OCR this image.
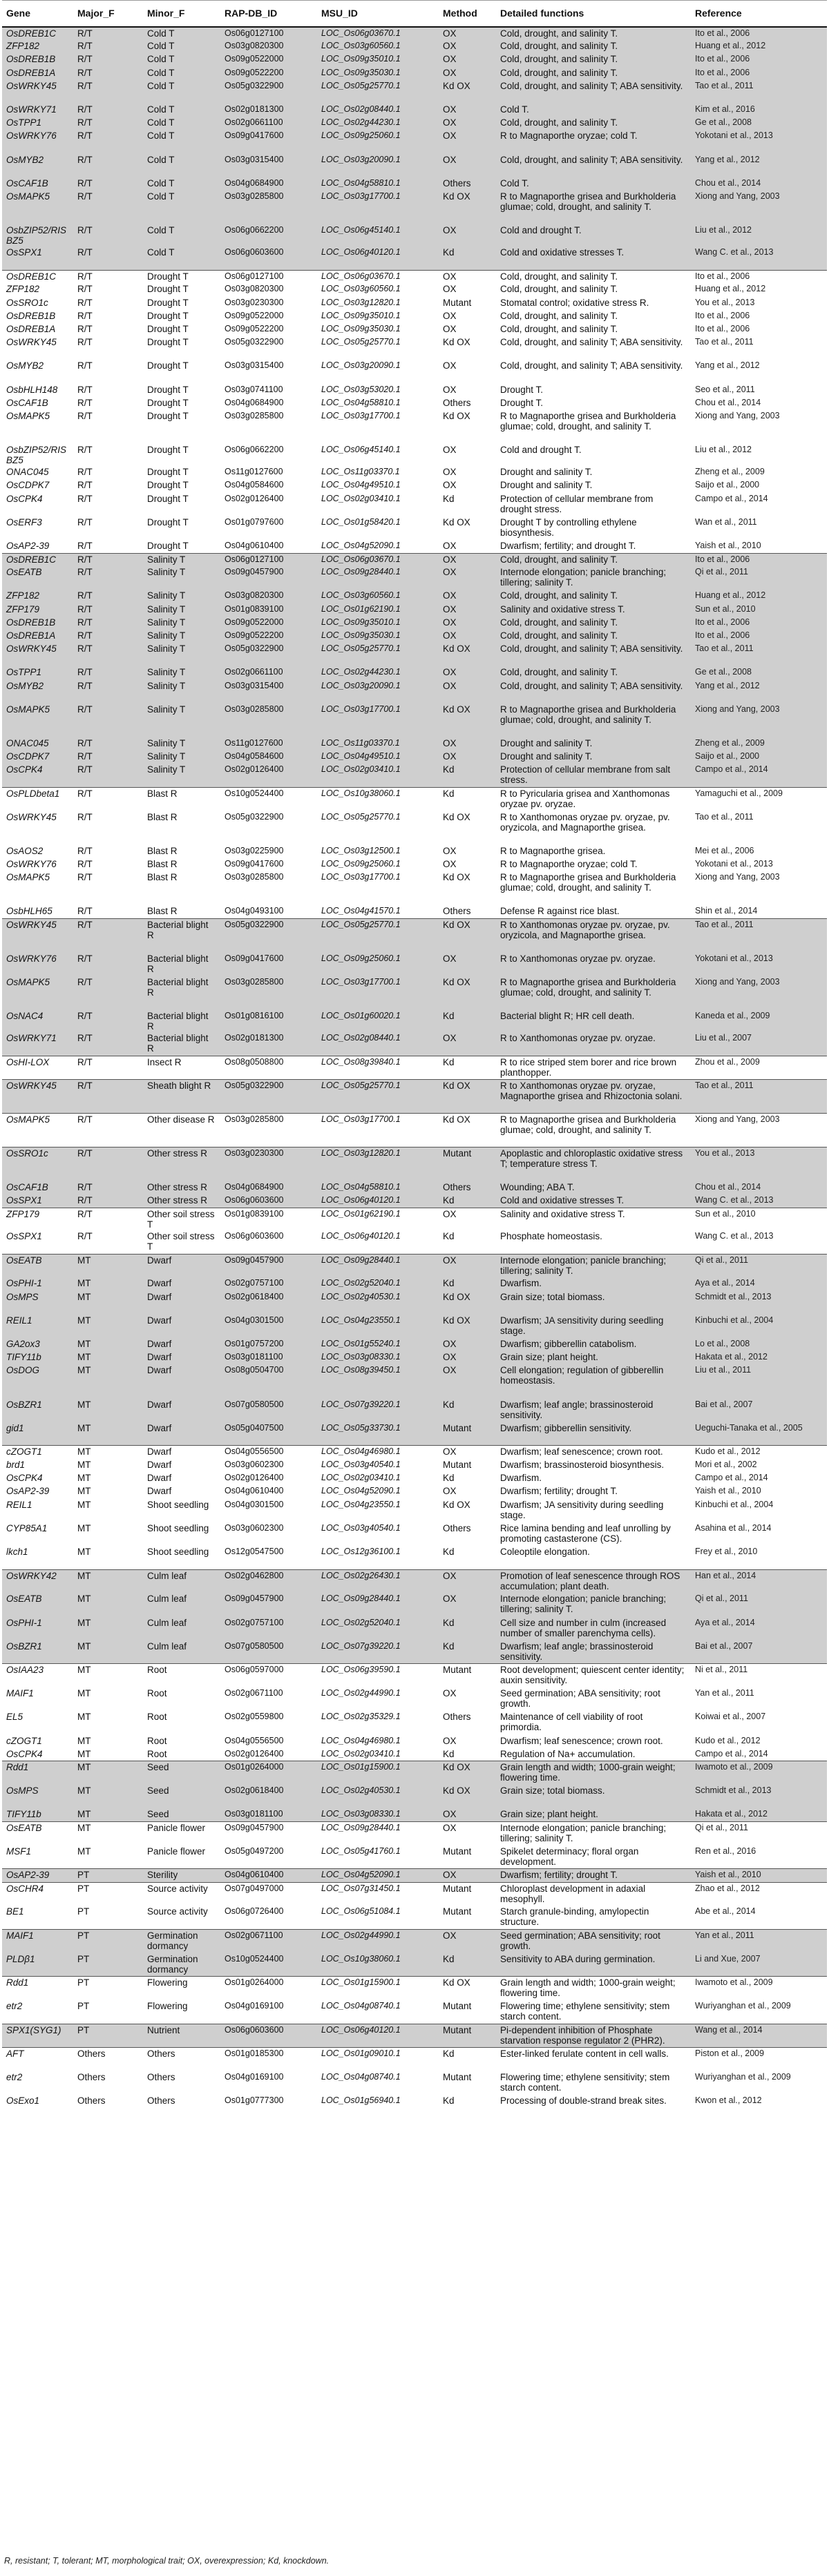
Gene	Major_F	Minor_F	RAP-DB_ID	MSU_ID	Method	Detailed functions	Reference
OsDREB1C	R/T	Cold T	Os06g0127100	LOC_Os06g03670.1	OX	Cold, drought, and salinity T.	Ito et al., 2006
ZFP182	R/T	Cold T	Os03g0820300	LOC_Os03g60560.1	OX	Cold, drought, and salinity T.	Huang et al., 2012
OsDREB1B	R/T	Cold T	Os09g0522000	LOC_Os09g35010.1	OX	Cold, drought, and salinity T.	Ito et al., 2006
OsDREB1A	R/T	Cold T	Os09g0522200	LOC_Os09g35030.1	OX	Cold, drought, and salinity T.	Ito et al., 2006
OsWRKY45	R/T	Cold T	Os05g0322900	LOC_Os05g25770.1	Kd OX	Cold, drought, and salinity T; ABA sensitivity.	Tao et al., 2011
OsWRKY71	R/T	Cold T	Os02g0181300	LOC_Os02g08440.1	OX	Cold T.	Kim et al., 2016
OsTPP1	R/T	Cold T	Os02g0661100	LOC_Os02g44230.1	OX	Cold, drought, and salinity T.	Ge et al., 2008
OsWRKY76	R/T	Cold T	Os09g0417600	LOC_Os09g25060.1	OX	R to Magnaporthe oryzae; cold T.	Yokotani et al., 2013
OsMYB2	R/T	Cold T	Os03g0315400	LOC_Os03g20090.1	OX	Cold, drought, and salinity T; ABA sensitivity.	Yang et al., 2012
OsCAF1B	R/T	Cold T	Os04g0684900	LOC_Os04g58810.1	Others	Cold T.	Chou et al., 2014
OsMAPK5	R/T	Cold T	Os03g0285800	LOC_Os03g17700.1	Kd OX	R to Magnaporthe grisea and Burkholderia glumae; cold, drought, and salinity T.	Xiong and Yang, 2003
OsbZIP52/RISBZ5	R/T	Cold T	Os06g0662200	LOC_Os06g45140.1	OX	Cold and drought T.	Liu et al., 2012
OsSPX1	R/T	Cold T	Os06g0603600	LOC_Os06g40120.1	Kd	Cold and oxidative stresses T.	Wang C. et al., 2013
OsDREB1C	R/T	Drought T	Os06g0127100	LOC_Os06g03670.1	OX	Cold, drought, and salinity T.	Ito et al., 2006
ZFP182	R/T	Drought T	Os03g0820300	LOC_Os03g60560.1	OX	Cold, drought, and salinity T.	Huang et al., 2012
OsSRO1c	R/T	Drought T	Os03g0230300	LOC_Os03g12820.1	Mutant	Stomatal control; oxidative stress R.	You et al., 2013
OsDREB1B	R/T	Drought T	Os09g0522000	LOC_Os09g35010.1	OX	Cold, drought, and salinity T.	Ito et al., 2006
OsDREB1A	R/T	Drought T	Os09g0522200	LOC_Os09g35030.1	OX	Cold, drought, and salinity T.	Ito et al., 2006
OsWRKY45	R/T	Drought T	Os05g0322900	LOC_Os05g25770.1	Kd OX	Cold, drought, and salinity T; ABA sensitivity.	Tao et al., 2011
OsMYB2	R/T	Drought T	Os03g0315400	LOC_Os03g20090.1	OX	Cold, drought, and salinity T; ABA sensitivity.	Yang et al., 2012
OsbHLH148	R/T	Drought T	Os03g0741100	LOC_Os03g53020.1	OX	Drought T.	Seo et al., 2011
OsCAF1B	R/T	Drought T	Os04g0684900	LOC_Os04g58810.1	Others	Drought T.	Chou et al., 2014
OsMAPK5	R/T	Drought T	Os03g0285800	LOC_Os03g17700.1	Kd OX	R to Magnaporthe grisea and Burkholderia glumae; cold, drought, and salinity T.	Xiong and Yang, 2003
OsbZIP52/RISBZ5	R/T	Drought T	Os06g0662200	LOC_Os06g45140.1	OX	Cold and drought T.	Liu et al., 2012
ONAC045	R/T	Drought T	Os11g0127600	LOC_Os11g03370.1	OX	Drought and salinity T.	Zheng et al., 2009
OsCDPK7	R/T	Drought T	Os04g0584600	LOC_Os04g49510.1	OX	Drought and salinity T.	Saijo et al., 2000
OsCPK4	R/T	Drought T	Os02g0126400	LOC_Os02g03410.1	Kd	Protection of cellular membrane from drought stress.	Campo et al., 2014
OsERF3	R/T	Drought T	Os01g0797600	LOC_Os01g58420.1	Kd OX	Drought T by controlling ethylene biosynthesis.	Wan et al., 2011
OsAP2-39	R/T	Drought T	Os04g0610400	LOC_Os04g52090.1	OX	Dwarfism; fertility; and drought T.	Yaish et al., 2010
OsDREB1C	R/T	Salinity T	Os06g0127100	LOC_Os06g03670.1	OX	Cold, drought, and salinity T.	Ito et al., 2006
OsEATB	R/T	Salinity T	Os09g0457900	LOC_Os09g28440.1	OX	Internode elongation; panicle branching; tillering; salinity T.	Qi et al., 2011
ZFP182	R/T	Salinity T	Os03g0820300	LOC_Os03g60560.1	OX	Cold, drought, and salinity T.	Huang et al., 2012
ZFP179	R/T	Salinity T	Os01g0839100	LOC_Os01g62190.1	OX	Salinity and oxidative stress T.	Sun et al., 2010
OsDREB1B	R/T	Salinity T	Os09g0522000	LOC_Os09g35010.1	OX	Cold, drought, and salinity T.	Ito et al., 2006
OsDREB1A	R/T	Salinity T	Os09g0522200	LOC_Os09g35030.1	OX	Cold, drought, and salinity T.	Ito et al., 2006
OsWRKY45	R/T	Salinity T	Os05g0322900	LOC_Os05g25770.1	Kd OX	Cold, drought, and salinity T; ABA sensitivity.	Tao et al., 2011
OsTPP1	R/T	Salinity T	Os02g0661100	LOC_Os02g44230.1	OX	Cold, drought, and salinity T.	Ge et al., 2008
OsMYB2	R/T	Salinity T	Os03g0315400	LOC_Os03g20090.1	OX	Cold, drought, and salinity T; ABA sensitivity.	Yang et al., 2012
OsMAPK5	R/T	Salinity T	Os03g0285800	LOC_Os03g17700.1	Kd OX	R to Magnaporthe grisea and Burkholderia glumae; cold, drought, and salinity T.	Xiong and Yang, 2003
ONAC045	R/T	Salinity T	Os11g0127600	LOC_Os11g03370.1	OX	Drought and salinity T.	Zheng et al., 2009
OsCDPK7	R/T	Salinity T	Os04g0584600	LOC_Os04g49510.1	OX	Drought and salinity T.	Saijo et al., 2000
OsCPK4	R/T	Salinity T	Os02g0126400	LOC_Os02g03410.1	Kd	Protection of cellular membrane from salt stress.	Campo et al., 2014
OsPLDbeta1	R/T	Blast R	Os10g0524400	LOC_Os10g38060.1	Kd	R to Pyricularia grisea and Xanthomonas oryzae pv. oryzae.	Yamaguchi et al., 2009
OsWRKY45	R/T	Blast R	Os05g0322900	LOC_Os05g25770.1	Kd OX	R to Xanthomonas oryzae pv. oryzae, pv. oryzicola, and Magnaporthe grisea.	Tao et al., 2011
OsAOS2	R/T	Blast R	Os03g0225900	LOC_Os03g12500.1	OX	R to Magnaporthe grisea.	Mei et al., 2006
OsWRKY76	R/T	Blast R	Os09g0417600	LOC_Os09g25060.1	OX	R to Magnaporthe oryzae; cold T.	Yokotani et al., 2013
OsMAPK5	R/T	Blast R	Os03g0285800	LOC_Os03g17700.1	Kd OX	R to Magnaporthe grisea and Burkholderia glumae; cold, drought, and salinity T.	Xiong and Yang, 2003
OsbHLH65	R/T	Blast R	Os04g0493100	LOC_Os04g41570.1	Others	Defense R against rice blast.	Shin et al., 2014
OsWRKY45	R/T	Bacterial blight R	Os05g0322900	LOC_Os05g25770.1	Kd OX	R to Xanthomonas oryzae pv. oryzae, pv. oryzicola, and Magnaporthe grisea.	Tao et al., 2011
OsWRKY76	R/T	Bacterial blight R	Os09g0417600	LOC_Os09g25060.1	OX	R to Xanthomonas oryzae pv. oryzae.	Yokotani et al., 2013
OsMAPK5	R/T	Bacterial blight R	Os03g0285800	LOC_Os03g17700.1	Kd OX	R to Magnaporthe grisea and Burkholderia glumae; cold, drought, and salinity T.	Xiong and Yang, 2003
OsNAC4	R/T	Bacterial blight R	Os01g0816100	LOC_Os01g60020.1	Kd	Bacterial blight R; HR cell death.	Kaneda et al., 2009
OsWRKY71	R/T	Bacterial blight R	Os02g0181300	LOC_Os02g08440.1	OX	R to Xanthomonas oryzae pv. oryzae.	Liu et al., 2007
OsHI-LOX	R/T	Insect R	Os08g0508800	LOC_Os08g39840.1	Kd	R to rice striped stem borer and rice brown planthopper.	Zhou et al., 2009
OsWRKY45	R/T	Sheath blight R	Os05g0322900	LOC_Os05g25770.1	Kd OX	R to Xanthomonas oryzae pv. oryzae, Magnaporthe grisea and Rhizoctonia solani.	Tao et al., 2011
OsMAPK5	R/T	Other disease R	Os03g0285800	LOC_Os03g17700.1	Kd OX	R to Magnaporthe grisea and Burkholderia glumae; cold, drought, and salinity T.	Xiong and Yang, 2003
OsSRO1c	R/T	Other stress R	Os03g0230300	LOC_Os03g12820.1	Mutant	Apoplastic and chloroplastic oxidative stress T; temperature stress T.	You et al., 2013
OsCAF1B	R/T	Other stress R	Os04g0684900	LOC_Os04g58810.1	Others	Wounding; ABA T.	Chou et al., 2014
OsSPX1	R/T	Other stress R	Os06g0603600	LOC_Os06g40120.1	Kd	Cold and oxidative stresses T.	Wang C. et al., 2013
ZFP179	R/T	Other soil stress T	Os01g0839100	LOC_Os01g62190.1	OX	Salinity and oxidative stress T.	Sun et al., 2010
OsSPX1	R/T	Other soil stress T	Os06g0603600	LOC_Os06g40120.1	Kd	Phosphate homeostasis.	Wang C. et al., 2013
OsEATB	MT	Dwarf	Os09g0457900	LOC_Os09g28440.1	OX	Internode elongation; panicle branching; tillering; salinity T.	Qi et al., 2011
OsPHI-1	MT	Dwarf	Os02g0757100	LOC_Os02g52040.1	Kd	Dwarfism.	Aya et al., 2014
OsMPS	MT	Dwarf	Os02g0618400	LOC_Os02g40530.1	Kd OX	Grain size; total biomass.	Schmidt et al., 2013
REIL1	MT	Dwarf	Os04g0301500	LOC_Os04g23550.1	Kd OX	Dwarfism; JA sensitivity during seedling stage.	Kinbuchi et al., 2004
GA2ox3	MT	Dwarf	Os01g0757200	LOC_Os01g55240.1	OX	Dwarfism; gibberellin catabolism.	Lo et al., 2008
TIFY11b	MT	Dwarf	Os03g0181100	LOC_Os03g08330.1	OX	Grain size; plant height.	Hakata et al., 2012
OsDOG	MT	Dwarf	Os08g0504700	LOC_Os08g39450.1	OX	Cell elongation; regulation of gibberellin homeostasis.	Liu et al., 2011
OsBZR1	MT	Dwarf	Os07g0580500	LOC_Os07g39220.1	Kd	Dwarfism; leaf angle; brassinosteroid sensitivity.	Bai et al., 2007
gid1	MT	Dwarf	Os05g0407500	LOC_Os05g33730.1	Mutant	Dwarfism; gibberellin sensitivity.	Ueguchi-Tanaka et al., 2005
cZOGT1	MT	Dwarf	Os04g0556500	LOC_Os04g46980.1	OX	Dwarfism; leaf senescence; crown root.	Kudo et al., 2012
brd1	MT	Dwarf	Os03g0602300	LOC_Os03g40540.1	Mutant	Dwarfism; brassinosteroid biosynthesis.	Mori et al., 2002
OsCPK4	MT	Dwarf	Os02g0126400	LOC_Os02g03410.1	Kd	Dwarfism.	Campo et al., 2014
OsAP2-39	MT	Dwarf	Os04g0610400	LOC_Os04g52090.1	OX	Dwarfism; fertility; drought T.	Yaish et al., 2010
REIL1	MT	Shoot seedling	Os04g0301500	LOC_Os04g23550.1	Kd OX	Dwarfism; JA sensitivity during seedling stage.	Kinbuchi et al., 2004
CYP85A1	MT	Shoot seedling	Os03g0602300	LOC_Os03g40540.1	Others	Rice lamina bending and leaf unrolling by promoting castasterone (CS).	Asahina et al., 2014
lkch1	MT	Shoot seedling	Os12g0547500	LOC_Os12g36100.1	Kd	Coleoptile elongation.	Frey et al., 2010
OsWRKY42	MT	Culm leaf	Os02g0462800	LOC_Os02g26430.1	OX	Promotion of leaf senescence through ROS accumulation; plant death.	Han et al., 2014
OsEATB	MT	Culm leaf	Os09g0457900	LOC_Os09g28440.1	OX	Internode elongation; panicle branching; tillering; salinity T.	Qi et al., 2011
OsPHI-1	MT	Culm leaf	Os02g0757100	LOC_Os02g52040.1	Kd	Cell size and number in culm (increased number of smaller parenchyma cells).	Aya et al., 2014
OsBZR1	MT	Culm leaf	Os07g0580500	LOC_Os07g39220.1	Kd	Dwarfism; leaf angle; brassinosteroid sensitivity.	Bai et al., 2007
OsIAA23	MT	Root	Os06g0597000	LOC_Os06g39590.1	Mutant	Root development; quiescent center identity; auxin sensitivity.	Ni et al., 2011
MAIF1	MT	Root	Os02g0671100	LOC_Os02g44990.1	OX	Seed germination; ABA sensitivity; root growth.	Yan et al., 2011
EL5	MT	Root	Os02g0559800	LOC_Os02g35329.1	Others	Maintenance of cell viability of root primordia.	Koiwai et al., 2007
cZOGT1	MT	Root	Os04g0556500	LOC_Os04g46980.1	OX	Dwarfism; leaf senescence; crown root.	Kudo et al., 2012
OsCPK4	MT	Root	Os02g0126400	LOC_Os02g03410.1	Kd	Regulation of Na+ accumulation.	Campo et al., 2014
Rdd1	MT	Seed	Os01g0264000	LOC_Os01g15900.1	Kd OX	Grain length and width; 1000-grain weight; flowering time.	Iwamoto et al., 2009
OsMPS	MT	Seed	Os02g0618400	LOC_Os02g40530.1	Kd OX	Grain size; total biomass.	Schmidt et al., 2013
TIFY11b	MT	Seed	Os03g0181100	LOC_Os03g08330.1	OX	Grain size; plant height.	Hakata et al., 2012
OsEATB	MT	Panicle flower	Os09g0457900	LOC_Os09g28440.1	OX	Internode elongation; panicle branching; tillering; salinity T.	Qi et al., 2011
MSF1	MT	Panicle flower	Os05g0497200	LOC_Os05g41760.1	Mutant	Spikelet determinacy; floral organ development.	Ren et al., 2016
OsAP2-39	PT	Sterility	Os04g0610400	LOC_Os04g52090.1	OX	Dwarfism; fertility; drought T.	Yaish et al., 2010
OsCHR4	PT	Source activity	Os07g0497000	LOC_Os07g31450.1	Mutant	Chloroplast development in adaxial mesophyll.	Zhao et al., 2012
BE1	PT	Source activity	Os06g0726400	LOC_Os06g51084.1	Mutant	Starch granule-binding, amylopectin structure.	Abe et al., 2014
MAIF1	PT	Germination dormancy	Os02g0671100	LOC_Os02g44990.1	OX	Seed germination; ABA sensitivity; root growth.	Yan et al., 2011
PLDβ1	PT	Germination dormancy	Os10g0524400	LOC_Os10g38060.1	Kd	Sensitivity to ABA during germination.	Li and Xue, 2007
Rdd1	PT	Flowering	Os01g0264000	LOC_Os01g15900.1	Kd OX	Grain length and width; 1000-grain weight; flowering time.	Iwamoto et al., 2009
etr2	PT	Flowering	Os04g0169100	LOC_Os04g08740.1	Mutant	Flowering time; ethylene sensitivity; stem starch content.	Wuriyanghan et al., 2009
SPX1(SYG1)	PT	Nutrient	Os06g0603600	LOC_Os06g40120.1	Mutant	Pi-dependent inhibition of Phosphate starvation response regulator 2 (PHR2).	Wang et al., 2014
AFT	Others	Others	Os01g0185300	LOC_Os01g09010.1	Kd	Ester-linked ferulate content in cell walls.	Piston et al., 2009
etr2	Others	Others	Os04g0169100	LOC_Os04g08740.1	Mutant	Flowering time; ethylene sensitivity; stem starch content.	Wuriyanghan et al., 2009
OsExo1	Others	Others	Os01g0777300	LOC_Os01g56940.1	Kd	Processing of double-strand break sites.	Kwon et al., 2012
R, resistant; T, tolerant; MT, morphological trait; OX, overexpression; Kd, knockdown.
